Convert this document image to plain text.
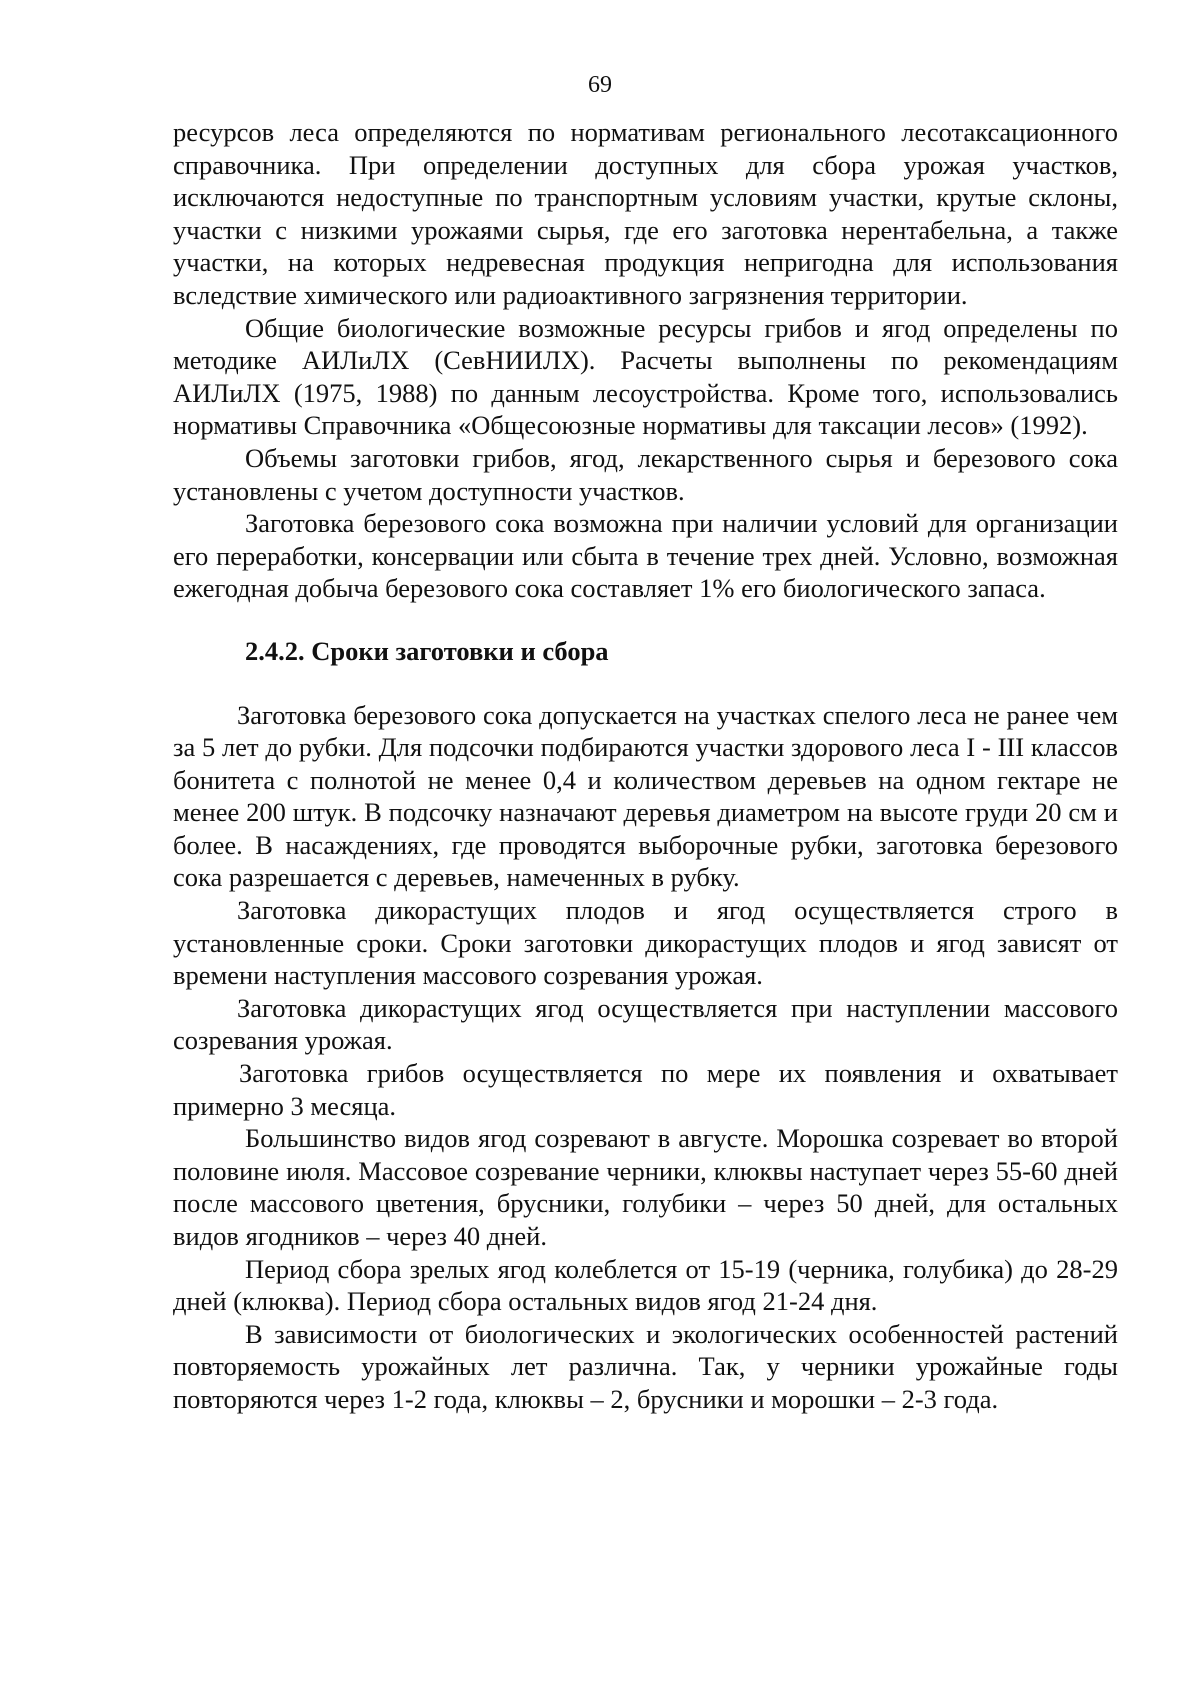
69

ресурсов леса определяются по нормативам регионального лесотаксационного справочника. При определении доступных для сбора урожая участков, исключаются недоступные по транспортным условиям участки, крутые склоны, участки с низкими урожаями сырья, где его заготовка нерентабельна, а также участки, на которых недревесная продукция непригодна для использования вследствие химического или радиоактивного загрязнения территории.

Общие биологические возможные ресурсы грибов и ягод определены по методике АИЛиЛХ (СевНИИЛХ). Расчеты выполнены по рекомендациям АИЛиЛХ (1975, 1988) по данным лесоустройства. Кроме того, использовались нормативы Справочника «Общесоюзные нормативы для таксации лесов» (1992).

Объемы заготовки грибов, ягод, лекарственного сырья и березового сока установлены с учетом доступности участков.

Заготовка березового сока возможна при наличии условий для организации его переработки, консервации или сбыта в течение трех дней. Условно, возможная ежегодная добыча березового сока составляет 1% его биологического запаса.

2.4.2. Сроки заготовки и сбора

Заготовка березового сока допускается на участках спелого леса не ранее чем за 5 лет до рубки. Для подсочки подбираются участки здорового леса I - III классов бонитета с полнотой не менее 0,4 и количеством деревьев на одном гектаре не менее 200 штук. В подсочку назначают деревья диаметром на высоте груди 20 см и более. В насаждениях, где проводятся выборочные рубки, заготовка березового сока разрешается с деревьев, намеченных в рубку.

Заготовка дикорастущих плодов и ягод осуществляется строго в установленные сроки. Сроки заготовки дикорастущих плодов и ягод зависят от времени наступления массового созревания урожая.

Заготовка дикорастущих ягод осуществляется при наступлении массового созревания урожая.

Заготовка грибов осуществляется по мере их появления и охватывает примерно 3 месяца.

Большинство видов ягод созревают в августе. Морошка созревает во второй половине июля. Массовое созревание черники, клюквы наступает через 55-60 дней после массового цветения, брусники, голубики – через 50 дней, для остальных видов ягодников – через 40 дней.

Период сбора зрелых ягод колеблется от 15-19 (черника, голубика) до 28-29 дней (клюква). Период сбора остальных видов ягод 21-24 дня.

В зависимости от биологических и экологических особенностей растений повторяемость урожайных лет различна. Так, у черники урожайные годы повторяются через 1-2 года, клюквы – 2, брусники и морошки – 2-3 года.
